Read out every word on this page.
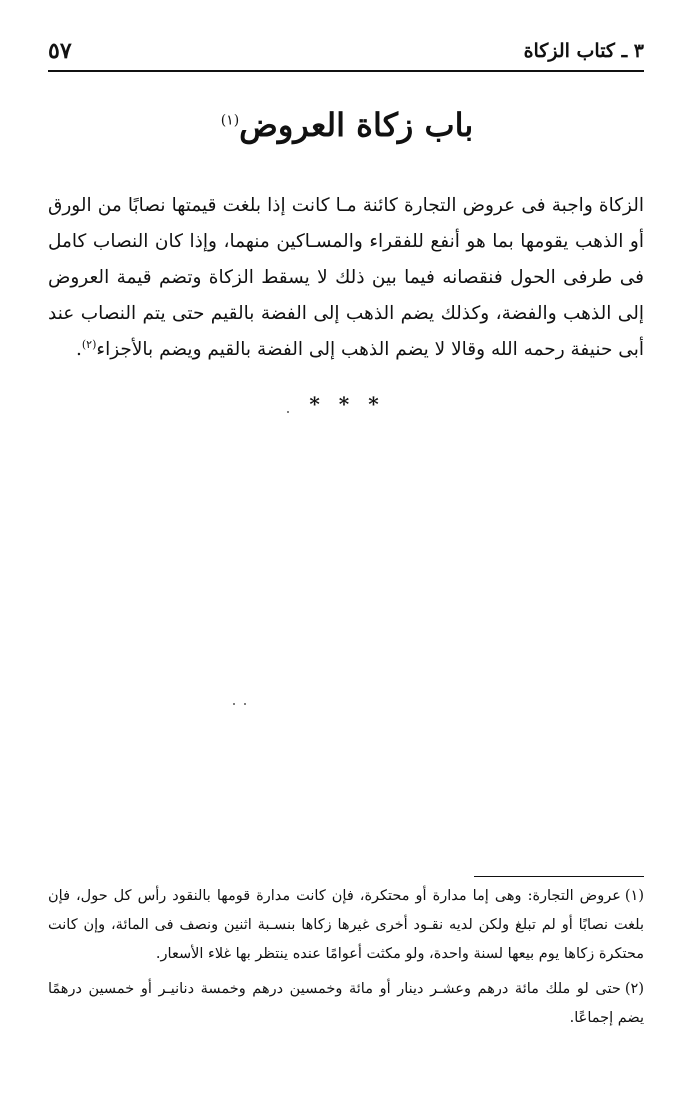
٣ ـ كتاب الزكاة
٥٧
باب زكاة العروض$^{(١)}$

الزكاة واجبة فى عروض التجارة كائنة مـا كانت إذا بلغت قيمتها نصابًا من الورق أو الذهب يقومها بما هو أنفع للفقراء والمسـاكين منهما، وإذا كان النصاب كامل فى طرفى الحول فنقصانه فيما بين ذلك لا يسقط الزكاة وتضم قيمة العروض إلى الذهب والفضة، وكذلك يضم الذهب إلى الفضة بالقيم حتى يتم النصاب عند أبى حنيفة رحمه الله وقالا لا يضم الذهب إلى الفضة بالقيم ويضم بالأجزاء$^{(٢)}$.

* * *

(١)عروض التجارة: وهى إما مدارة أو محتكرة، فإن كانت مدارة قومها بالنقود رأس كل حول، فإن بلغت نصابًا أو لم تبلغ ولكن لديه نقـود أخرى غيرها زكاها بنسـبة اثنين ونصف فى المائة، وإن كانت محتكرة زكاها يوم بيعها لسنة واحدة، ولو مكثت أعوامًا عنده ينتظر بها غلاء الأسعار.

(٢)حتى لو ملك مائة درهم وعشـر دينار أو مائة وخمسين درهم وخمسة دنانيـر أو خمسين درهمًا يضم إجماعًا.
